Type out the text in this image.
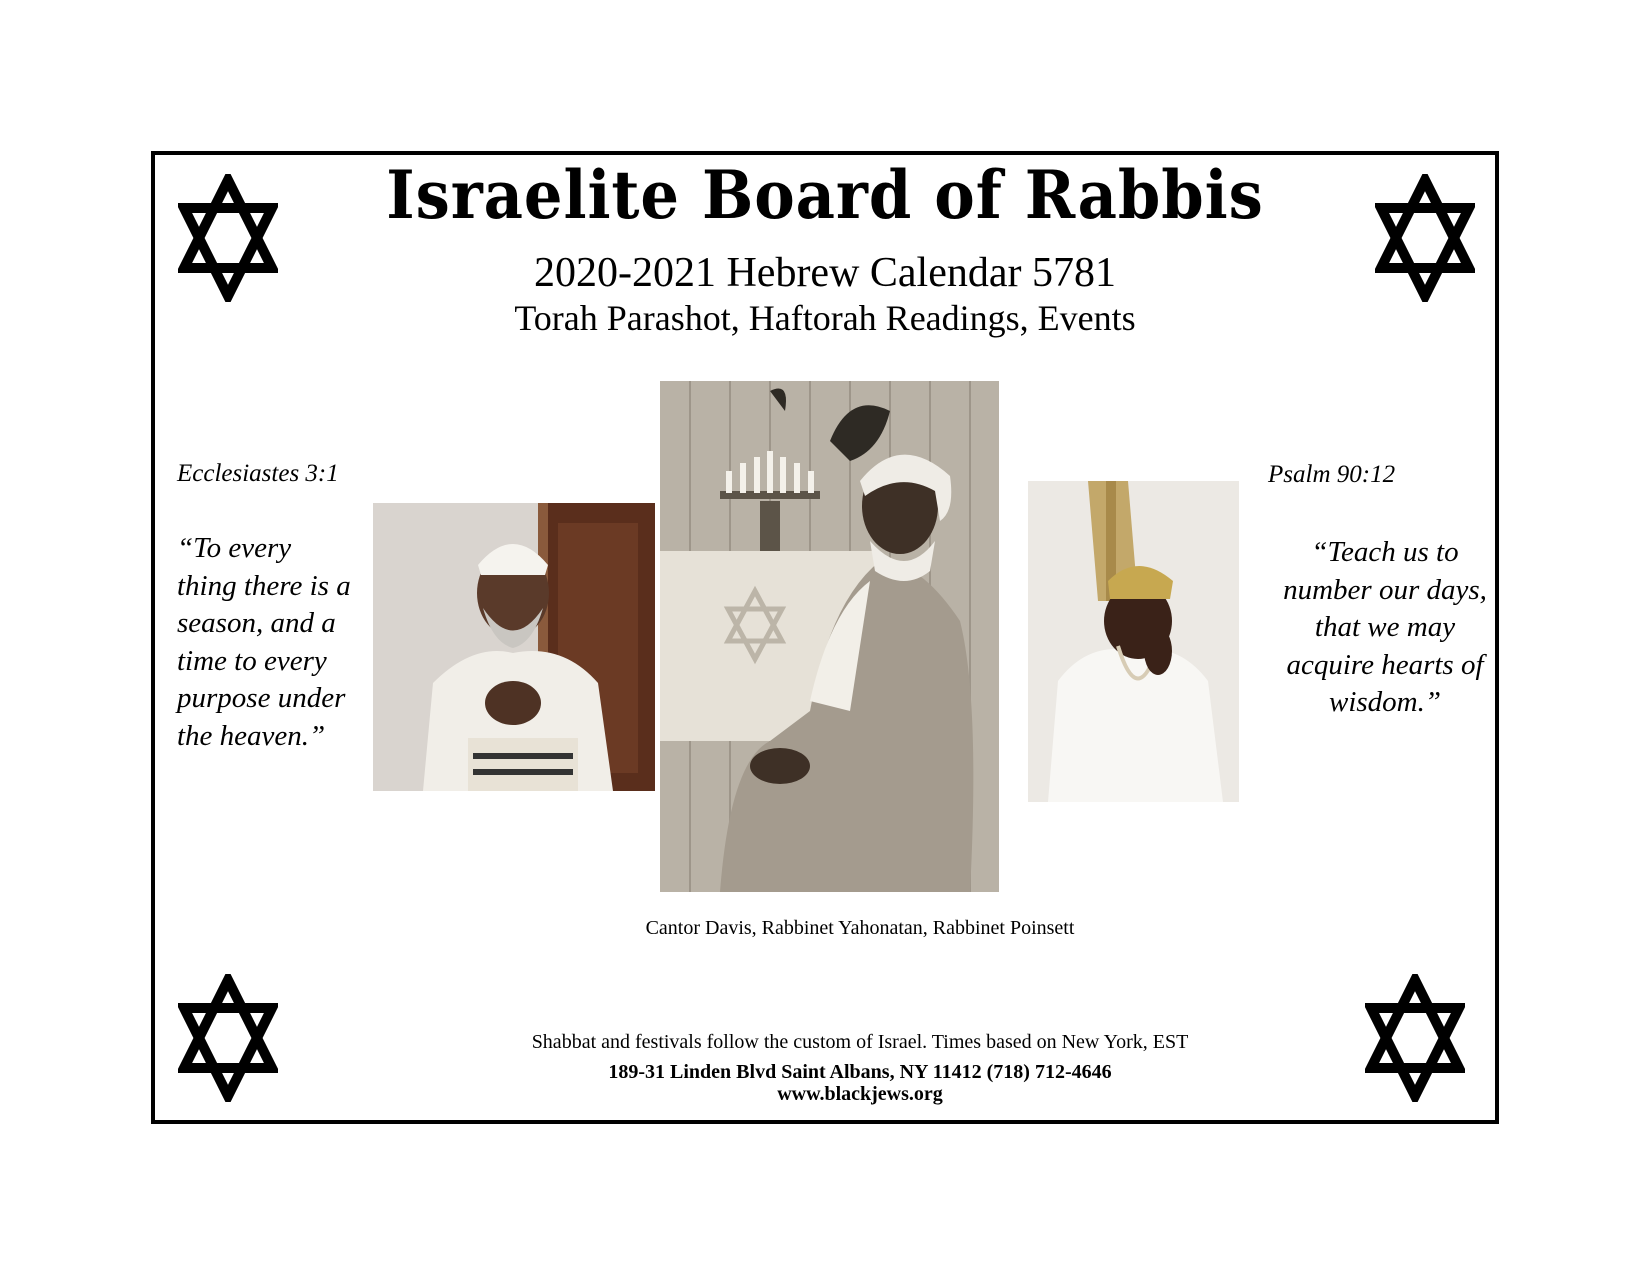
Israelite Board of Rabbis
2020-2021 Hebrew Calendar 5781
Torah Parashot, Haftorah Readings, Events
Ecclesiastes 3:1
“To every
thing there is a
season, and a
time to every
purpose under
the heaven.”
Psalm 90:12
“Teach us to
number our days,
that we may
acquire hearts of
wisdom.”
Cantor Davis, Rabbinet Yahonatan, Rabbinet Poinsett
Shabbat and festivals follow the custom of Israel. Times based on New York, EST
189-31 Linden Blvd Saint Albans, NY 11412 (718) 712-4646
www.blackjews.org
